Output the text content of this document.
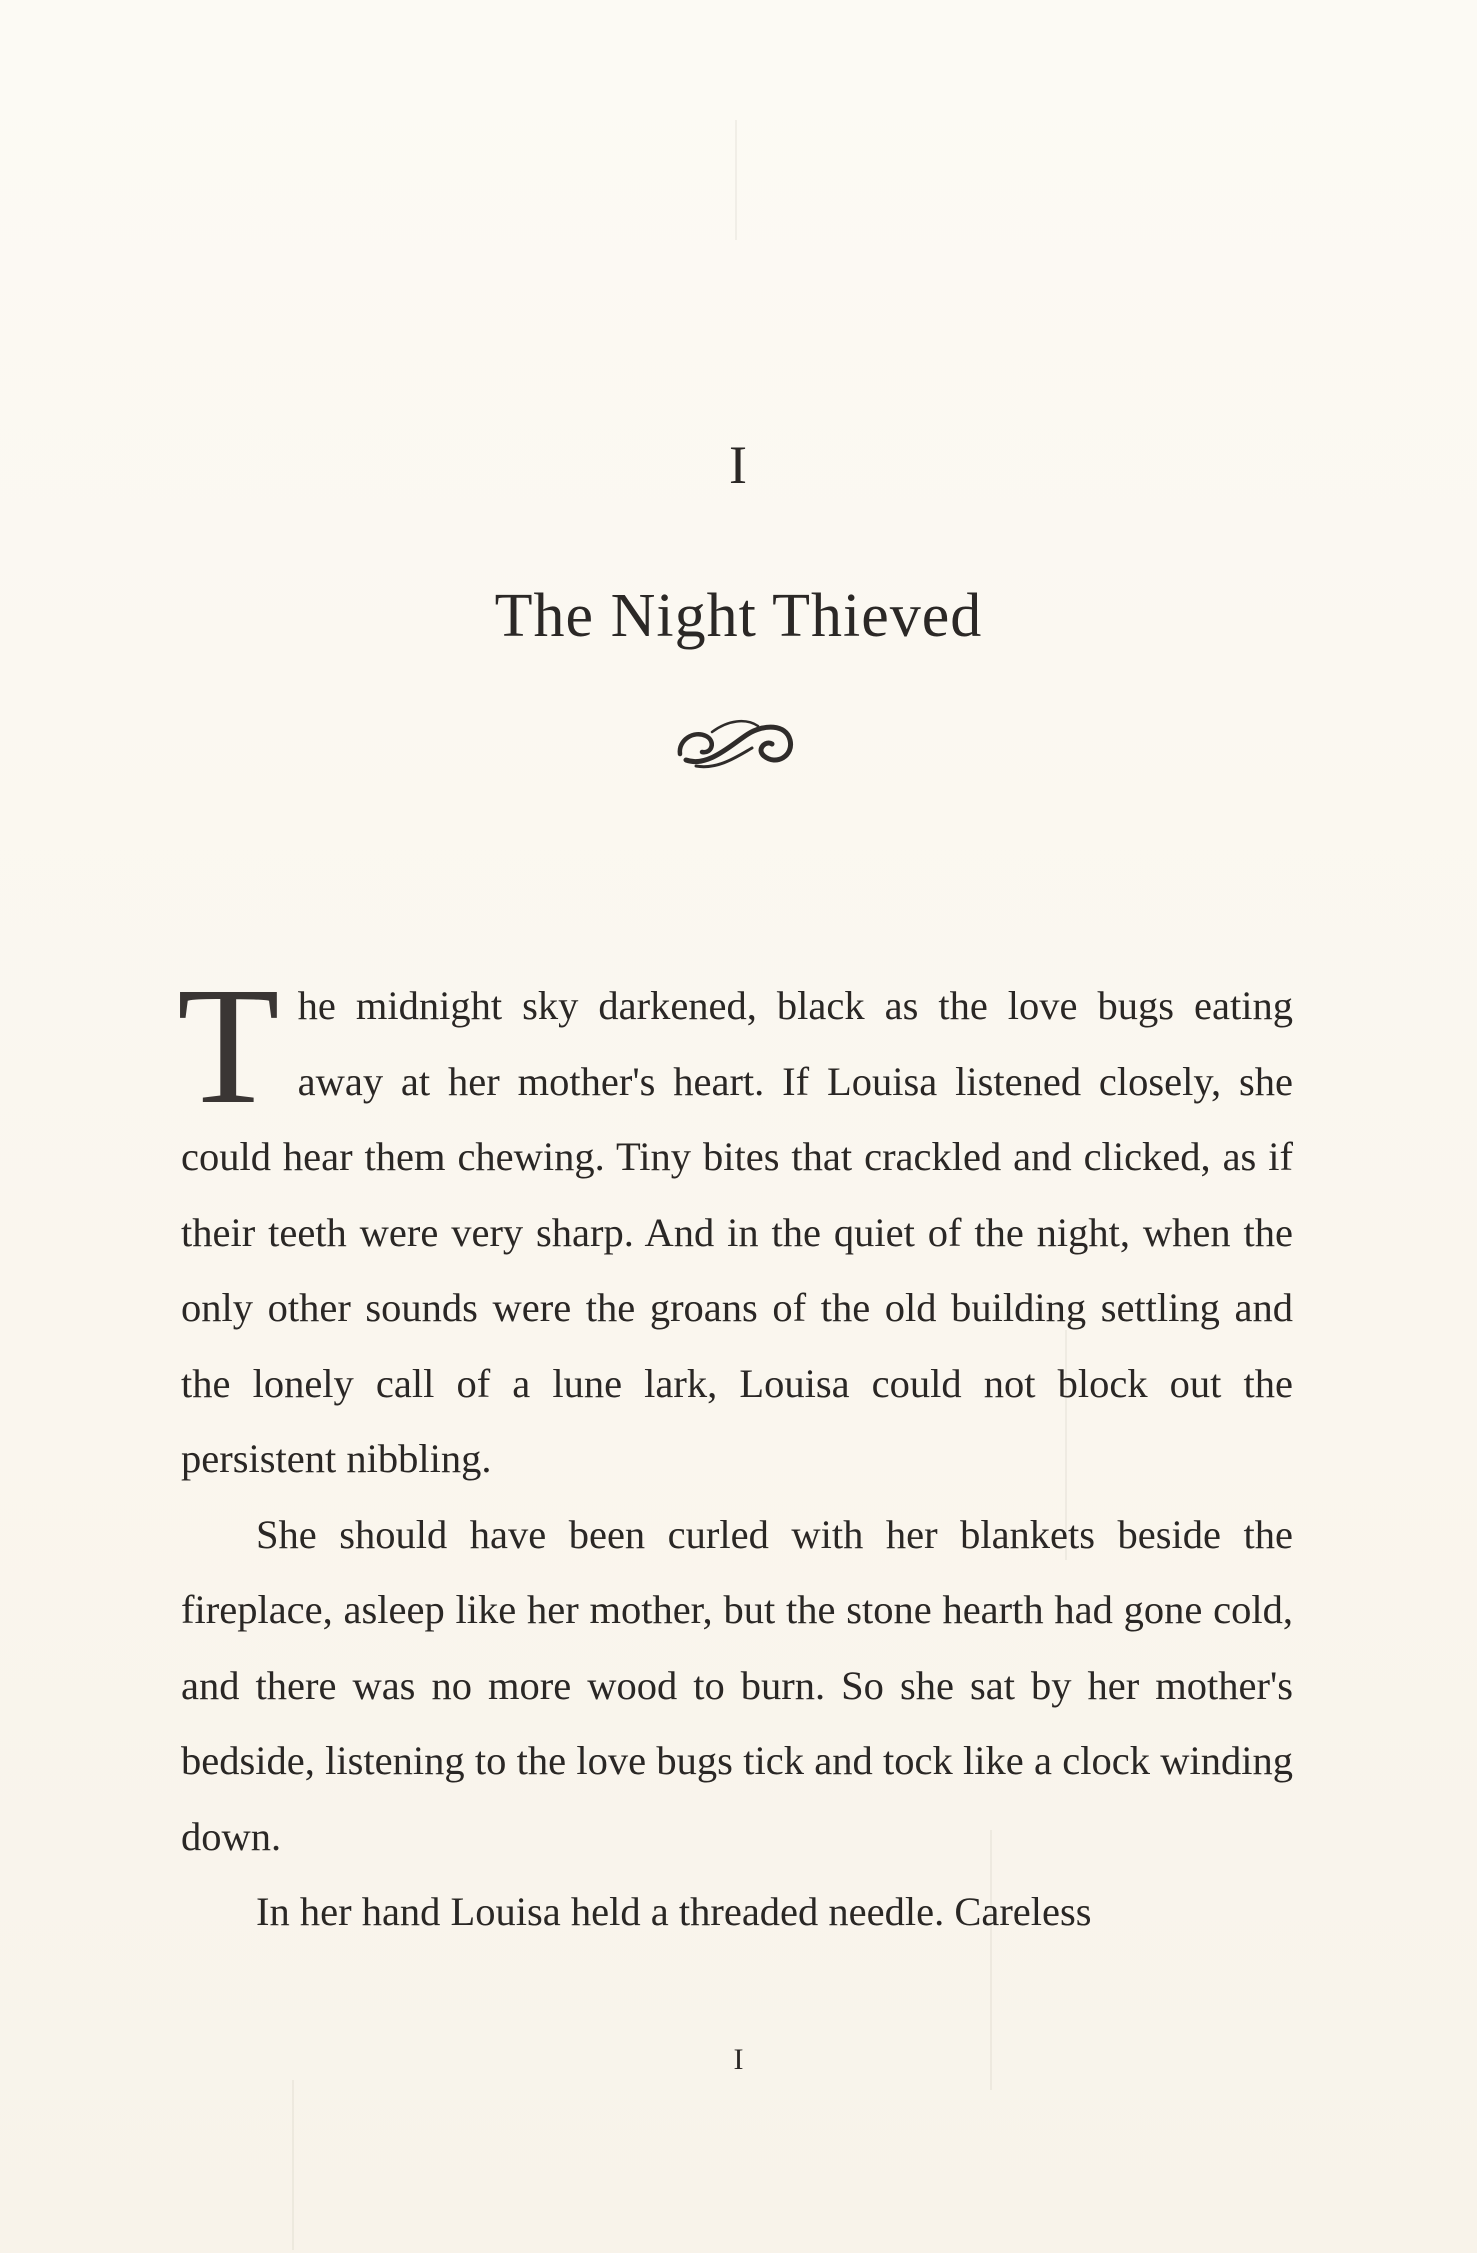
I
The Night Thieved

The midnight sky darkened, black as the love bugs eating away at her mother's heart. If Louisa listened closely, she could hear them chewing. Tiny bites that crackled and clicked, as if their teeth were very sharp. And in the quiet of the night, when the only other sounds were the groans of the old building settling and the lonely call of a lune lark, Louisa could not block out the persistent nibbling.

She should have been curled with her blankets beside the fireplace, asleep like her mother, but the stone hearth had gone cold, and there was no more wood to burn. So she sat by her mother's bedside, listening to the love bugs tick and tock like a clock winding down.

In her hand Louisa held a threaded needle. Careless

I
